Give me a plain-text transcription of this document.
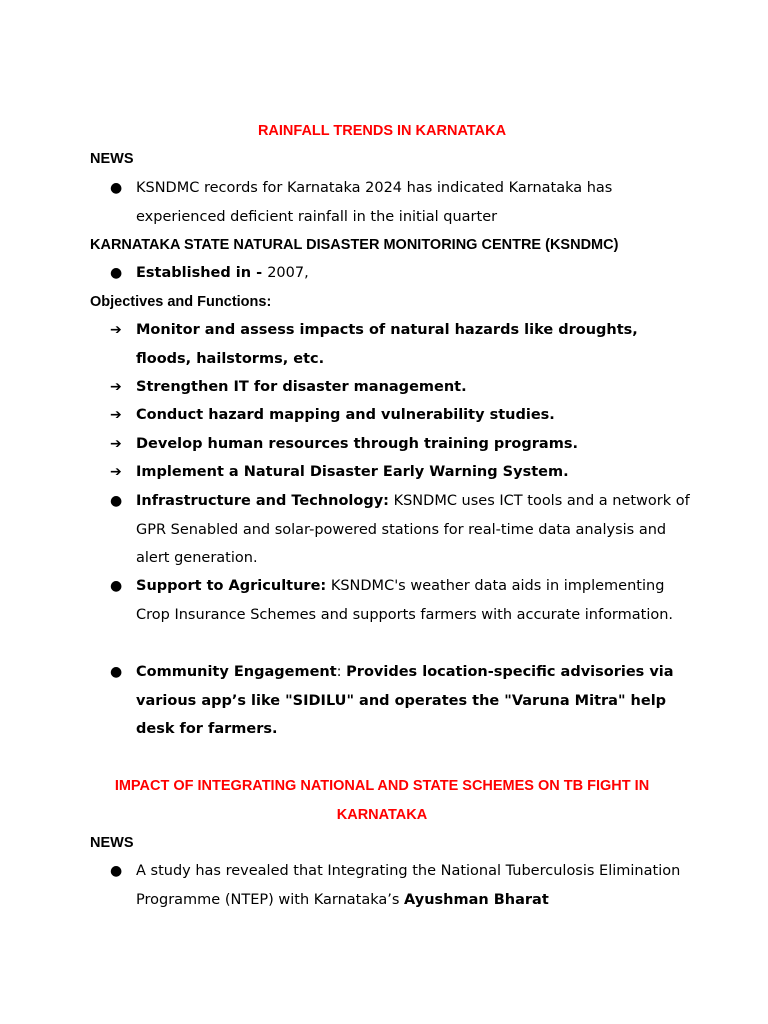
RAINFALL TRENDS IN KARNATAKA
NEWS
● KSNDMC records for Karnataka 2024 has indicated Karnataka has experienced deficient rainfall in the initial quarter
KARNATAKA STATE NATURAL DISASTER MONITORING CENTRE (KSNDMC)
● Established in - 2007,
Objectives and Functions:
➔ Monitor and assess impacts of natural hazards like droughts, floods, hailstorms, etc.
➔ Strengthen IT for disaster management.
➔ Conduct hazard mapping and vulnerability studies.
➔ Develop human resources through training programs.
➔ Implement a Natural Disaster Early Warning System.
● Infrastructure and Technology: KSNDMC uses ICT tools and a network of GPR Senabled and solar-powered stations for real-time data analysis and alert generation.
● Support to Agriculture: KSNDMC's weather data aids in implementing Crop Insurance Schemes and supports farmers with accurate information.
● Community Engagement: Provides location-specific advisories via various app’s like "SIDILU" and operates the "Varuna Mitra" help desk for farmers.
IMPACT OF INTEGRATING NATIONAL AND STATE SCHEMES ON TB FIGHT IN KARNATAKA
NEWS
● A study has revealed that Integrating the National Tuberculosis Elimination Programme (NTEP) with Karnataka’s Ayushman Bharat
